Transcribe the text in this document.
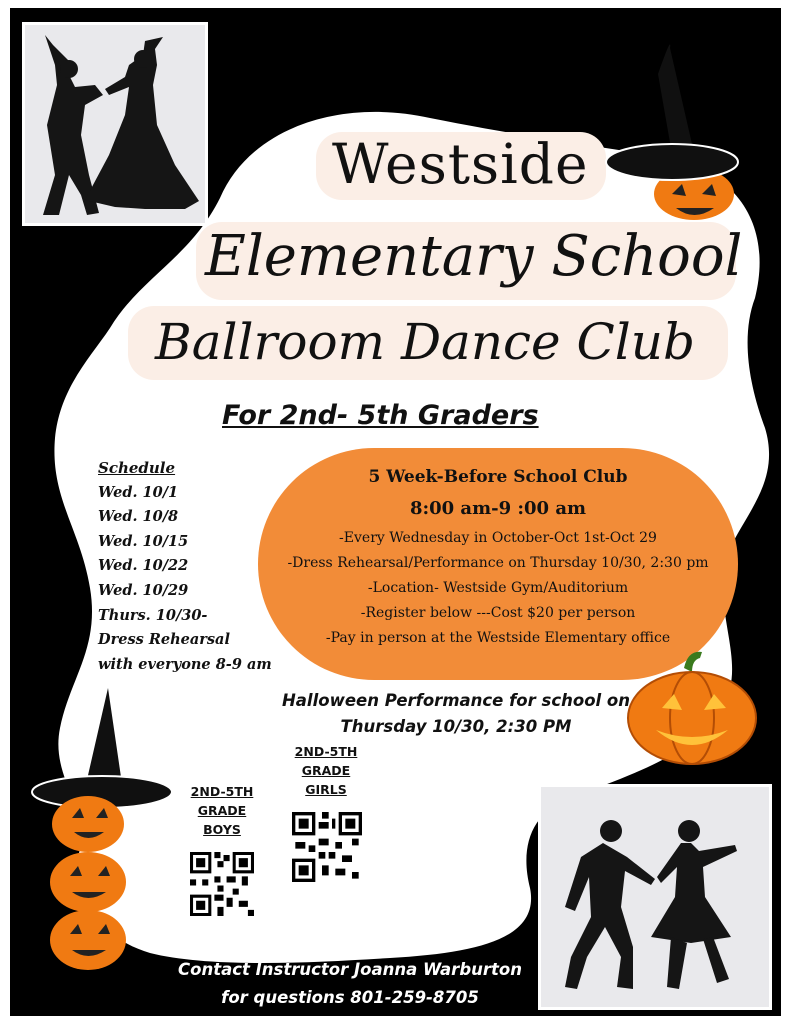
Westside
Elementary School
Ballroom Dance Club
For 2nd- 5th Graders
Schedule
Wed. 10/1
Wed. 10/8
Wed. 10/15
Wed. 10/22
Wed. 10/29
Thurs. 10/30-
Dress Rehearsal
with everyone 8-9 am
5 Week-Before School Club
8:00 am-9 :00 am
-Every Wednesday in October-Oct 1st-Oct 29
-Dress Rehearsal/Performance on Thursday 10/30, 2:30 pm
-Location- Westside Gym/Auditorium
-Register below ---Cost $20 per person
-Pay in person at the Westside Elementary office
Halloween Performance for school on
Thursday 10/30, 2:30 PM
2ND-5TH
GRADE
BOYS
2ND-5TH
GRADE
GIRLS
Contact Instructor Joanna Warburton
for questions 801-259-8705
